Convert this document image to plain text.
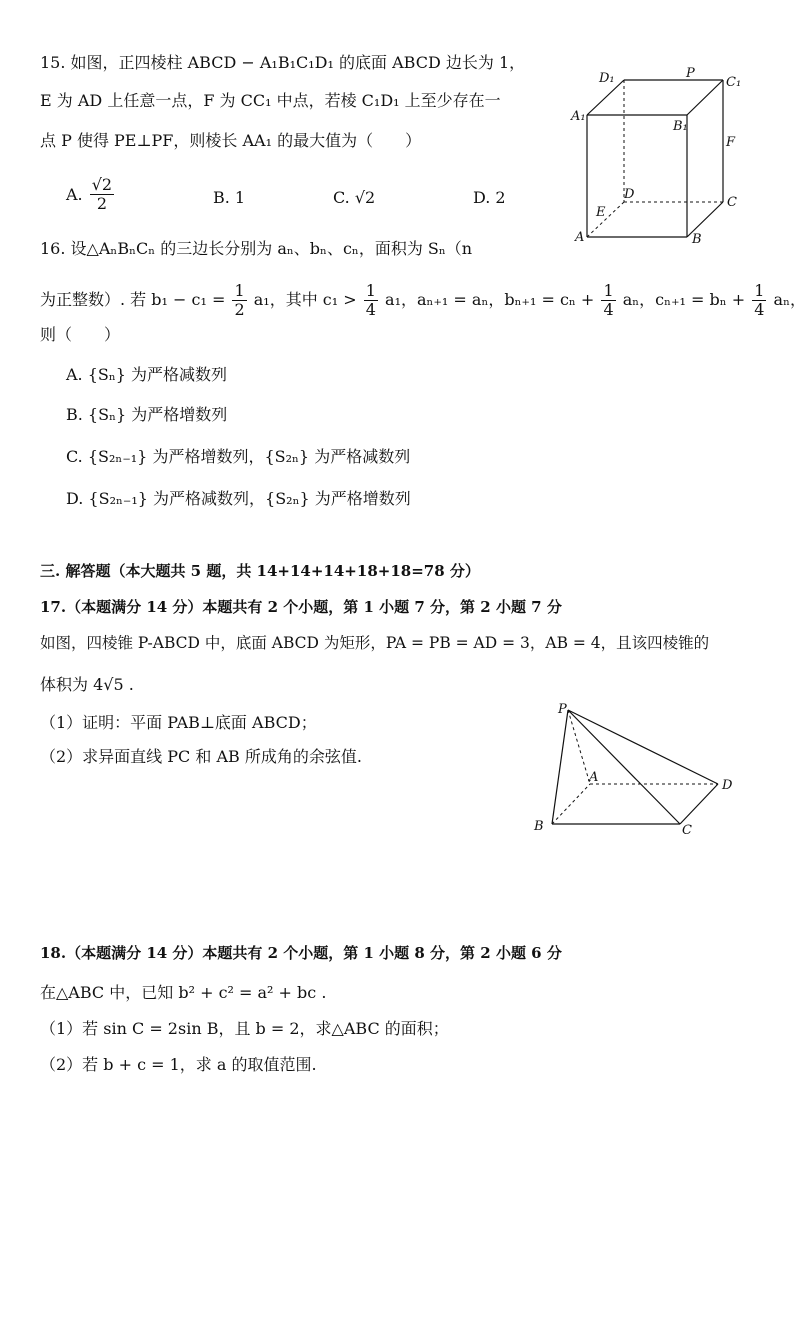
15. 如图，正四棱柱 ABCD − A₁B₁C₁D₁ 的底面 ABCD 边长为 1，
E 为 AD 上任意一点，F 为 CC₁ 中点，若棱 C₁D₁ 上至少存在一
点 P 使得 PE⊥PF，则棱长 AA₁ 的最大值为（　　）
A. $\frac{√2}{2}$	B. 1	C. √2	D. 2
D₁	P
C₁
A₁
B₁
F
D
C
E
A	B
16. 设△AₙBₙCₙ 的三边长分别为 aₙ、bₙ、cₙ，面积为 Sₙ（n
为正整数）. 若 $b_1 - c_1 = \frac{1}{2} a_1$，其中 $c_1 > \frac{1}{4} a_1$，aₙ₊₁ = aₙ，$b_{n+1} = c_n + \frac{1}{4}$ aₙ，$c_{n+1} = b_n + \frac{1}{4}$ aₙ，
则（　　）
A. {Sₙ} 为严格减数列
B. {Sₙ} 为严格增数列
C. {S₂ₙ₋₁} 为严格增数列，{S₂ₙ} 为严格减数列
D. {S₂ₙ₋₁} 为严格减数列，{S₂ₙ} 为严格增数列
三. 解答题（本大题共 5 题，共 14+14+14+18+18=78 分）
17.（本题满分 14 分）本题共有 2 个小题，第 1 小题 7 分，第 2 小题 7 分
如图，四棱锥 P-ABCD 中，底面 ABCD 为矩形，PA = PB = AD = 3，AB = 4，且该四棱锥的
体积为 4√5 .
（1）证明：平面 PAB⊥底面 ABCD；
（2）求异面直线 PC 和 AB 所成角的余弦值.
P
A
B	C
D
18.（本题满分 14 分）本题共有 2 个小题，第 1 小题 8 分，第 2 小题 6 分
在△ABC 中，已知 b² + c² = a² + bc .
（1）若 sin C = 2sin B，且 b = 2，求△ABC 的面积；
（2）若 b + c = 1，求 a 的取值范围.
